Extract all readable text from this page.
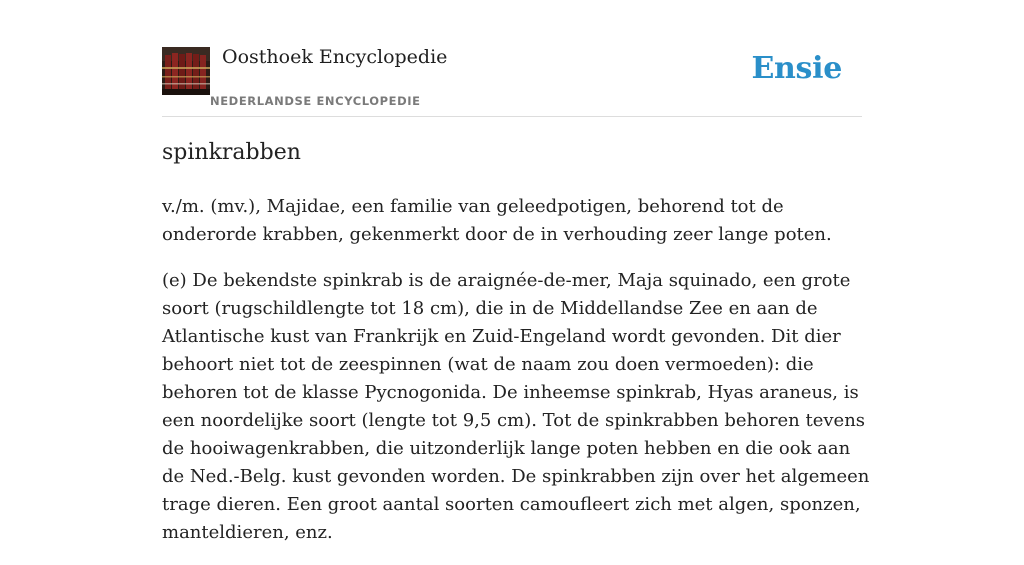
Oosthoek Encyclopedie
NEDERLANDSE ENCYCLOPEDIE
Ensie
spinkrabben

v./m. (mv.), Majidae, een familie van geleedpotigen, behorend tot de onderorde krabben, gekenmerkt door de in verhouding zeer lange poten.

(e) De bekendste spinkrab is de araignée-de-mer, Maja squinado, een grote soort (rugschildlengte tot 18 cm), die in de Middellandse Zee en aan de Atlantische kust van Frankrijk en Zuid-Engeland wordt gevonden. Dit dier behoort niet tot de zeespinnen (wat de naam zou doen vermoeden): die behoren tot de klasse Pycnogonida. De inheemse spinkrab, Hyas araneus, is een noordelijke soort (lengte tot 9,5 cm). Tot de spinkrabben behoren tevens de hooiwagenkrabben, die uitzonderlijk lange poten hebben en die ook aan de Ned.-Belg. kust gevonden worden. De spinkrabben zijn over het algemeen trage dieren. Een groot aantal soorten camoufleert zich met algen, sponzen, manteldieren, enz.
